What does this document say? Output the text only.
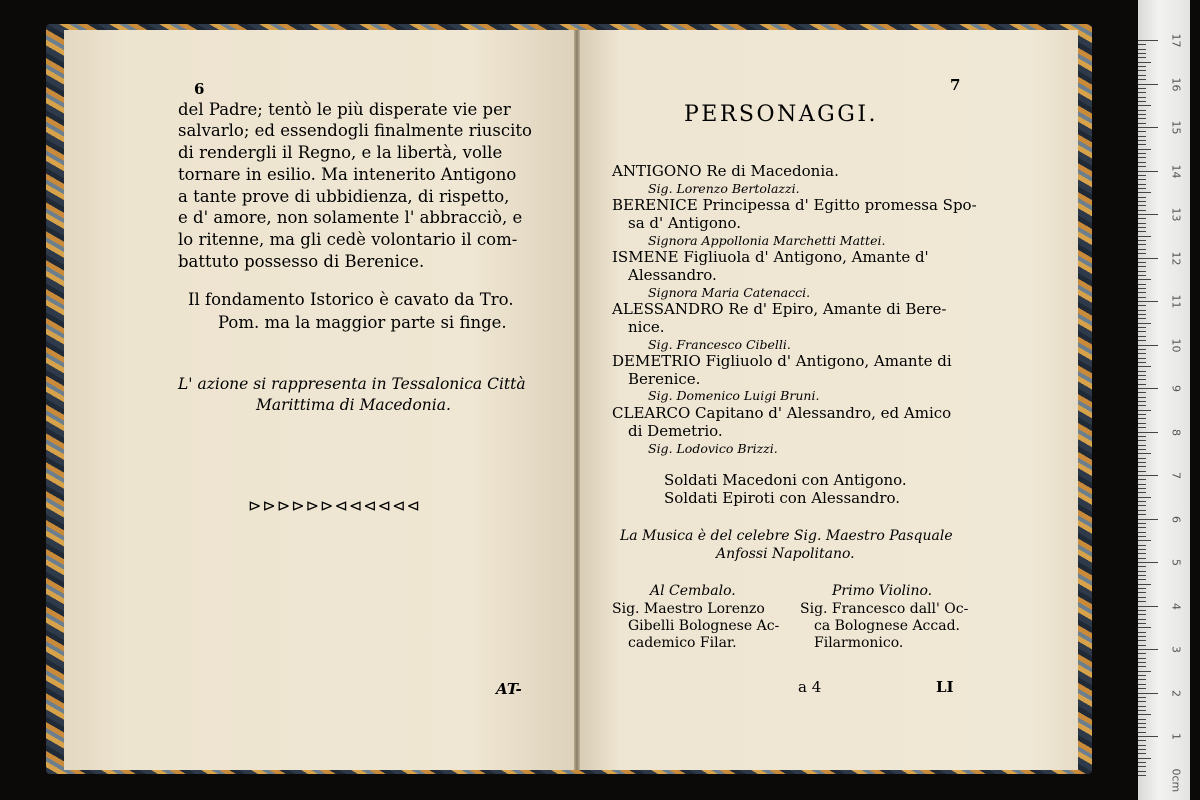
6
del Padre; tentò le più disperate vie per
salvarlo; ed essendogli finalmente riuscito
di rendergli il Regno, e la libertà, volle
tornare in esilio. Ma intenerito Antigono
a tante prove di ubbidienza, di rispetto,
e d' amore, non solamente l' abbracciò, e
lo ritenne, ma gli cedè volontario il com-
battuto possesso di Berenice.
Il fondamento Istorico è cavato da Tro.
Pom. ma la maggior parte si finge.
L' azione si rappresenta in Tessalonica Città
Marittima di Macedonia.
⊳⊳⊳⊳⊳⊳⊲⊲⊲⊲⊲⊲
AT-
7
PERSONAGGI.
ANTIGONO Re di Macedonia.
Sig. Lorenzo Bertolazzi.
BERENICE Principessa d' Egitto promessa Spo-
sa d' Antigono.
Signora Appollonia Marchetti Mattei.
ISMENE Figliuola d' Antigono, Amante d'
Alessandro.
Signora Maria Catenacci.
ALESSANDRO Re d' Epiro, Amante di Bere-
nice.
Sig. Francesco Cibelli.
DEMETRIO Figliuolo d' Antigono, Amante di
Berenice.
Sig. Domenico Luigi Bruni.
CLEARCO Capitano d' Alessandro, ed Amico
di Demetrio.
Sig. Lodovico Brizzi.
Soldati Macedoni con Antigono.
Soldati Epiroti con Alessandro.
La Musica è del celebre Sig. Maestro Pasquale
Anfossi Napolitano.
Al Cembalo.
Sig. Maestro Lorenzo
Gibelli Bolognese Ac-
cademico Filar.
Primo Violino.
Sig. Francesco dall' Oc-
ca Bolognese Accad.
Filarmonico.
a 4	LI
17
16
15
14
13
12
11
10
9
8
7
6
5
4
3
2
1
0cm
